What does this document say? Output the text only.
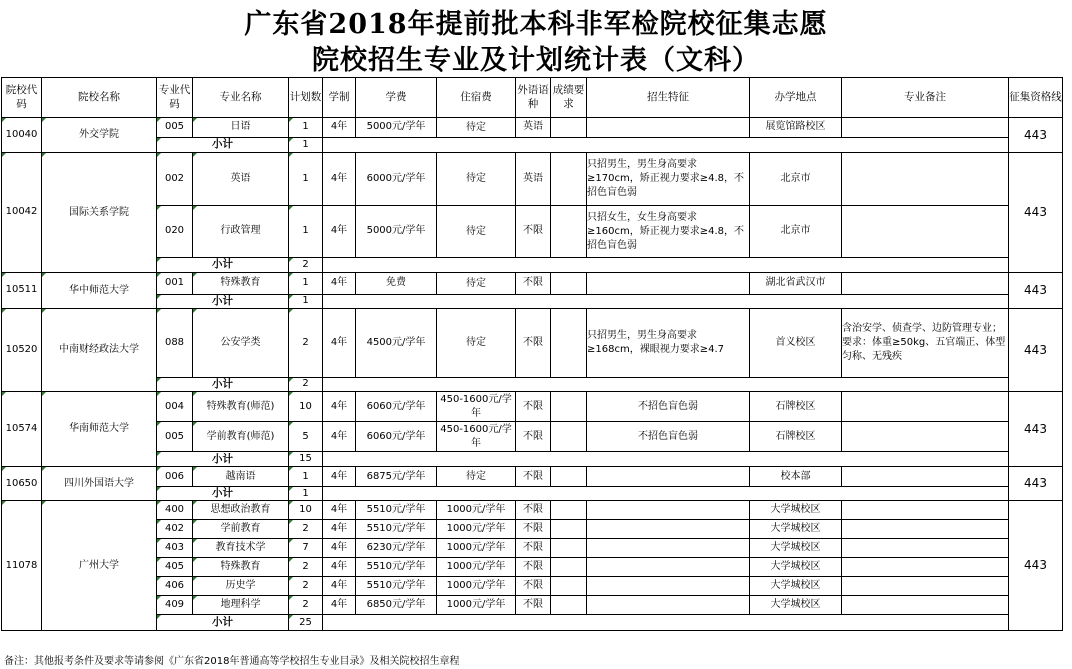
广东省2018年提前批本科非军检院校征集志愿
院校招生专业及计划统计表（文科）
院校代码	院校名称	专业代码	专业名称	计划数	学制	学费	住宿费	外语语种	成绩要求	招生特征	办学地点	专业备注	征集资格线
10040	外交学院	005	日语	1	4年	5000元/学年	待定	英语			展览馆路校区		443
		小计		1									
10042	国际关系学院	002	英语	1	4年	6000元/学年	待定	英语		只招男生，男生身高要求≥170cm，矫正视力要求≥4.8，不招色盲色弱	北京市		443
		020	行政管理	1	4年	5000元/学年	待定	不限		只招女生，女生身高要求≥160cm，矫正视力要求≥4.8，不招色盲色弱	北京市		
		小计		2									
10511	华中师范大学	001	特殊教育	1	4年	免费	待定	不限			湖北省武汉市		443
		小计		1									
10520	中南财经政法大学	088	公安学类	2	4年	4500元/学年	待定	不限		只招男生，男生身高要求≥168cm，裸眼视力要求≥4.7	首义校区	含治安学、侦查学、边防管理专业；要求：体重≥50kg、五官端正、体型匀称、无残疾	443
		小计		2									
10574	华南师范大学	004	特殊教育(师范)	10	4年	6060元/学年	450-1600元/学年	不限		不招色盲色弱	石牌校区		443
		005	学前教育(师范)	5	4年	6060元/学年	450-1600元/学年	不限		不招色盲色弱	石牌校区		
		小计		15									
10650	四川外国语大学	006	越南语	1	4年	6875元/学年	待定	不限			校本部		443
		小计		1									
11078	广州大学	400	思想政治教育	10	4年	5510元/学年	1000元/学年	不限			大学城校区		443
		402	学前教育	2	4年	5510元/学年	1000元/学年	不限			大学城校区		
		403	教育技术学	7	4年	6230元/学年	1000元/学年	不限			大学城校区		
		405	特殊教育	2	4年	5510元/学年	1000元/学年	不限			大学城校区		
		406	历史学	2	4年	5510元/学年	1000元/学年	不限			大学城校区		
		409	地理科学	2	4年	6850元/学年	1000元/学年	不限			大学城校区		
		小计		25									
备注：其他报考条件及要求等请参阅《广东省2018年普通高等学校招生专业目录》及相关院校招生章程
